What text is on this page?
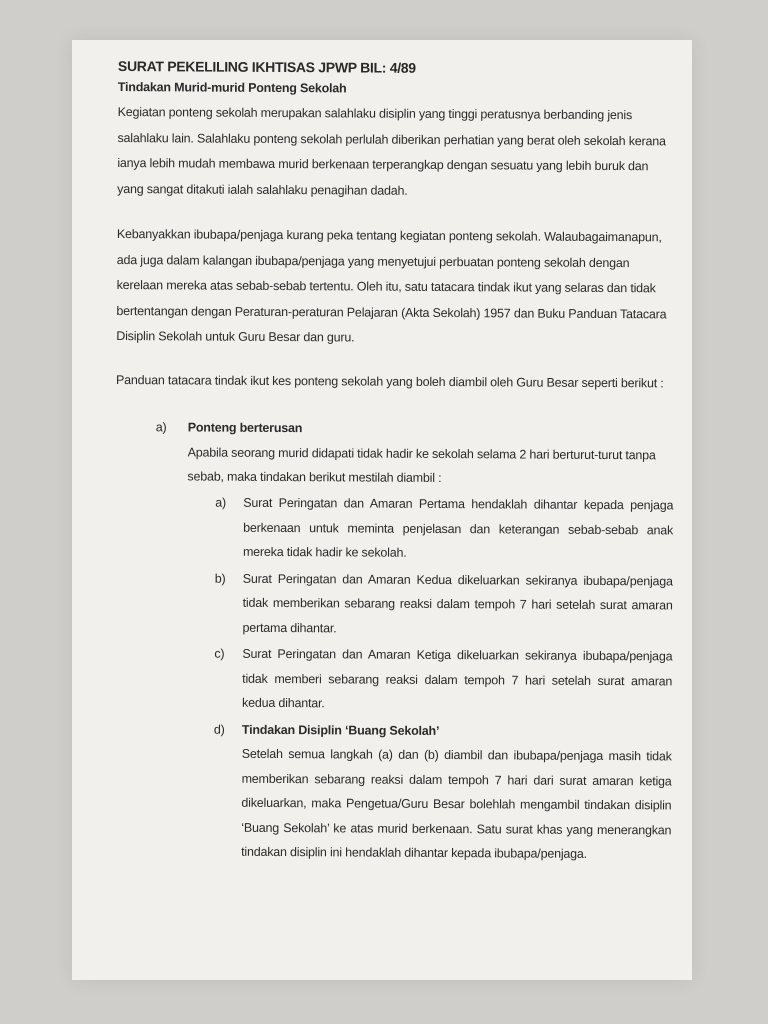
SURAT PEKELILING IKHTISAS JPWP BIL: 4/89
Tindakan Murid-murid Ponteng Sekolah

Kegiatan ponteng sekolah merupakan salahlaku disiplin yang tinggi peratusnya berbanding jenis salahlaku lain. Salahlaku ponteng sekolah perlulah diberikan perhatian yang berat oleh sekolah kerana ianya lebih mudah membawa murid berkenaan terperangkap dengan sesuatu yang lebih buruk dan yang sangat ditakuti ialah salahlaku penagihan dadah.

Kebanyakkan ibubapa/penjaga kurang peka tentang kegiatan ponteng sekolah. Walaubagaimanapun, ada juga dalam kalangan ibubapa/penjaga yang menyetujui perbuatan ponteng sekolah dengan kerelaan mereka atas sebab-sebab tertentu. Oleh itu, satu tatacara tindak ikut yang selaras dan tidak bertentangan dengan Peraturan-peraturan Pelajaran (Akta Sekolah) 1957 dan Buku Panduan Tatacara Disiplin Sekolah untuk Guru Besar dan guru.

Panduan tatacara tindak ikut kes ponteng sekolah yang boleh diambil oleh Guru Besar seperti berikut :

a)	Ponteng berterusan
Apabila seorang murid didapati tidak hadir ke sekolah selama 2 hari berturut-turut tanpa sebab, maka tindakan berikut mestilah diambil :
a)	Surat Peringatan dan Amaran Pertama hendaklah dihantar kepada penjaga berkenaan untuk meminta penjelasan dan keterangan sebab-sebab anak mereka tidak hadir ke sekolah.
b)	Surat Peringatan dan Amaran Kedua dikeluarkan sekiranya ibubapa/penjaga tidak memberikan sebarang reaksi dalam tempoh 7 hari setelah surat amaran pertama dihantar.
c)	Surat Peringatan dan Amaran Ketiga dikeluarkan sekiranya ibubapa/penjaga tidak memberi sebarang reaksi dalam tempoh 7 hari setelah surat amaran kedua dihantar.
d)	Tindakan Disiplin ‘Buang Sekolah’
Setelah semua langkah (a) dan (b) diambil dan ibubapa/penjaga masih tidak memberikan sebarang reaksi dalam tempoh 7 hari dari surat amaran ketiga dikeluarkan, maka Pengetua/Guru Besar bolehlah mengambil tindakan disiplin ‘Buang Sekolah’ ke atas murid berkenaan. Satu surat khas yang menerangkan tindakan disiplin ini hendaklah dihantar kepada ibubapa/penjaga.
